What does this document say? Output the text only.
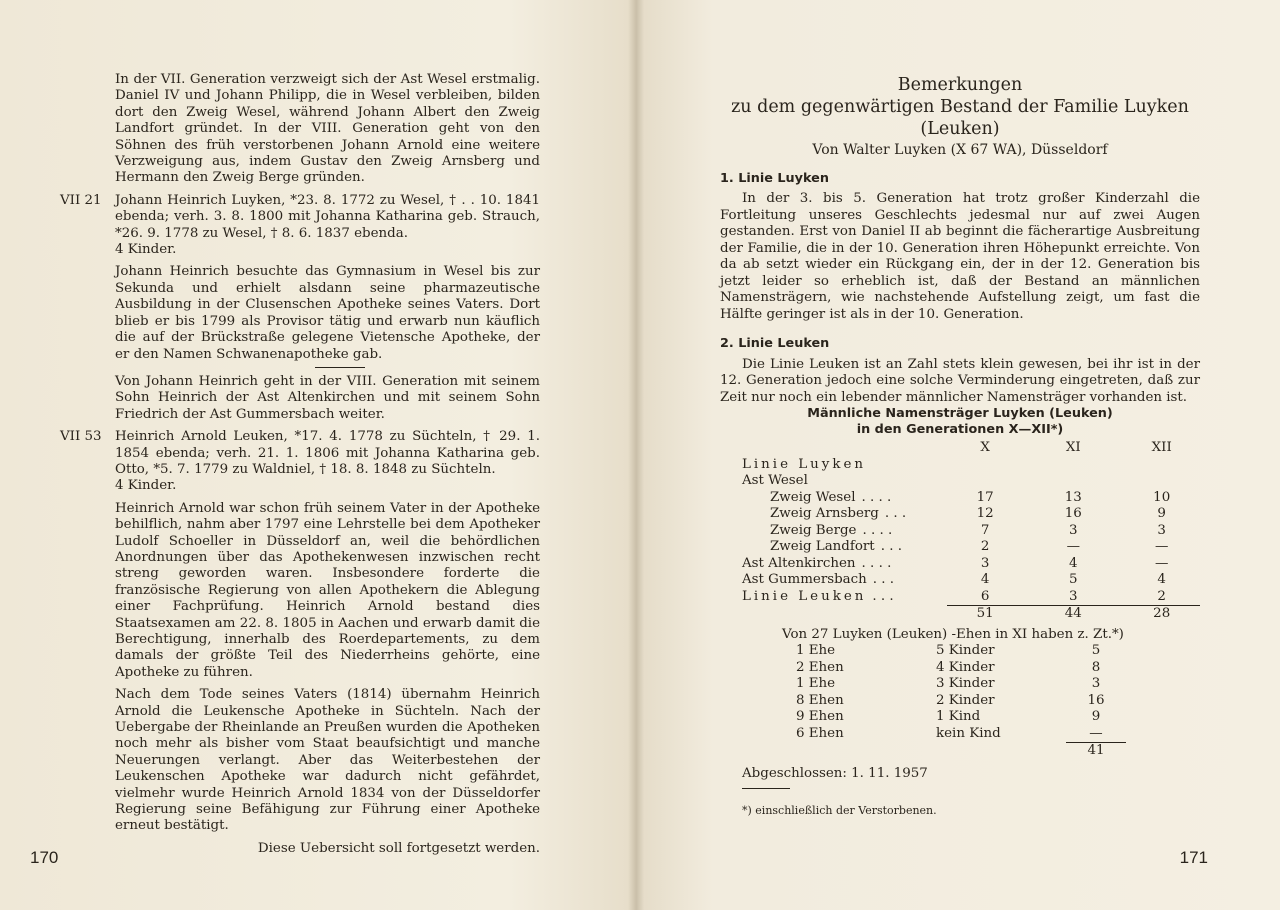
In der VII. Generation verzweigt sich der Ast Wesel erstmalig. Daniel IV und Johann Philipp, die in Wesel verbleiben, bilden dort den Zweig Wesel, während Johann Albert den Zweig Landfort gründet. In der VIII. Generation geht von den Söhnen des früh verstorbenen Johann Arnold eine weitere Verzweigung aus, indem Gustav den Zweig Arnsberg und Hermann den Zweig Berge gründen.

VII 21	Johann Heinrich Luyken, *23. 8. 1772 zu Wesel, † . . 10. 1841 ebenda; verh. 3. 8. 1800 mit Johanna Katharina geb. Strauch, *26. 9. 1778 zu Wesel, † 8. 6. 1837 ebenda.

4 Kinder.

Johann Heinrich besuchte das Gymnasium in Wesel bis zur Sekunda und erhielt alsdann seine pharmazeutische Ausbildung in der Clusenschen Apotheke seines Vaters. Dort blieb er bis 1799 als Provisor tätig und erwarb nun käuflich die auf der Brückstraße gelegene Vietensche Apotheke, der er den Namen Schwanenapotheke gab.

Von Johann Heinrich geht in der VIII. Generation mit seinem Sohn Heinrich der Ast Altenkirchen und mit seinem Sohn Friedrich der Ast Gummersbach weiter.

VII 53	Heinrich Arnold Leuken, *17. 4. 1778 zu Süchteln, † 29. 1. 1854 ebenda; verh. 21. 1. 1806 mit Johanna Katharina geb. Otto, *5. 7. 1779 zu Waldniel, † 18. 8. 1848 zu Süchteln.

4 Kinder.

Heinrich Arnold war schon früh seinem Vater in der Apotheke behilflich, nahm aber 1797 eine Lehrstelle bei dem Apotheker Ludolf Schoeller in Düsseldorf an, weil die behördlichen Anordnungen über das Apothekenwesen inzwischen recht streng geworden waren. Insbesondere forderte die französische Regierung von allen Apothekern die Ablegung einer Fachprüfung. Heinrich Arnold bestand dies Staatsexamen am 22. 8. 1805 in Aachen und erwarb damit die Berechtigung, innerhalb des Roerdepartements, zu dem damals der größte Teil des Niederrheins gehörte, eine Apotheke zu führen.

Nach dem Tode seines Vaters (1814) übernahm Heinrich Arnold die Leukensche Apotheke in Süchteln. Nach der Uebergabe der Rheinlande an Preußen wurden die Apotheken noch mehr als bisher vom Staat beaufsichtigt und manche Neuerungen verlangt. Aber das Weiterbestehen der Leukenschen Apotheke war dadurch nicht gefährdet, vielmehr wurde Heinrich Arnold 1834 von der Düsseldorfer Regierung seine Befähigung zur Führung einer Apotheke erneut bestätigt.

Diese Uebersicht soll fortgesetzt werden.

170
Bemerkungen
zu dem gegenwärtigen Bestand der Familie Luyken (Leuken)
Von Walter Luyken (X 67 WA), Düsseldorf
1. Linie Luyken

In der 3. bis 5. Generation hat trotz großer Kinderzahl die Fortleitung unseres Geschlechts jedesmal nur auf zwei Augen gestanden. Erst von Daniel II ab beginnt die fächerartige Ausbreitung der Familie, die in der 10. Generation ihren Höhepunkt erreichte. Von da ab setzt wieder ein Rückgang ein, der in der 12. Generation bis jetzt leider so erheblich ist, daß der Bestand an männlichen Namensträgern, wie nachstehende Aufstellung zeigt, um fast die Hälfte geringer ist als in der 10. Generation.

2. Linie Leuken

Die Linie Leuken ist an Zahl stets klein gewesen, bei ihr ist in der 12. Generation jedoch eine solche Verminderung eingetreten, daß zur Zeit nur noch ein lebender männlicher Namensträger vorhanden ist.

Männliche Namensträger Luyken (Leuken)
in den Generationen X—XII*)
	X	XI	XII
Linie Luyken			
Ast Wesel			
Zweig Wesel . . . .	17	13	10
Zweig Arnsberg . . .	12	16	9
Zweig Berge . . . .	7	3	3
Zweig Landfort . . .	2	—	—
Ast Altenkirchen . . . .	3	4	—
Ast Gummersbach . . .	4	5	4
Linie Leuken . . .	6	3	2
	51	44	28
Von 27 Luyken (Leuken) -Ehen in XI haben z. Zt.*)
1 Ehe	5 Kinder	5
2 Ehen	4 Kinder	8
1 Ehe	3 Kinder	3
8 Ehen	2 Kinder	16
9 Ehen	1 Kind	9
6 Ehen	kein Kind	—
		41
Abgeschlossen: 1. 11. 1957
*) einschließlich der Verstorbenen.
171
